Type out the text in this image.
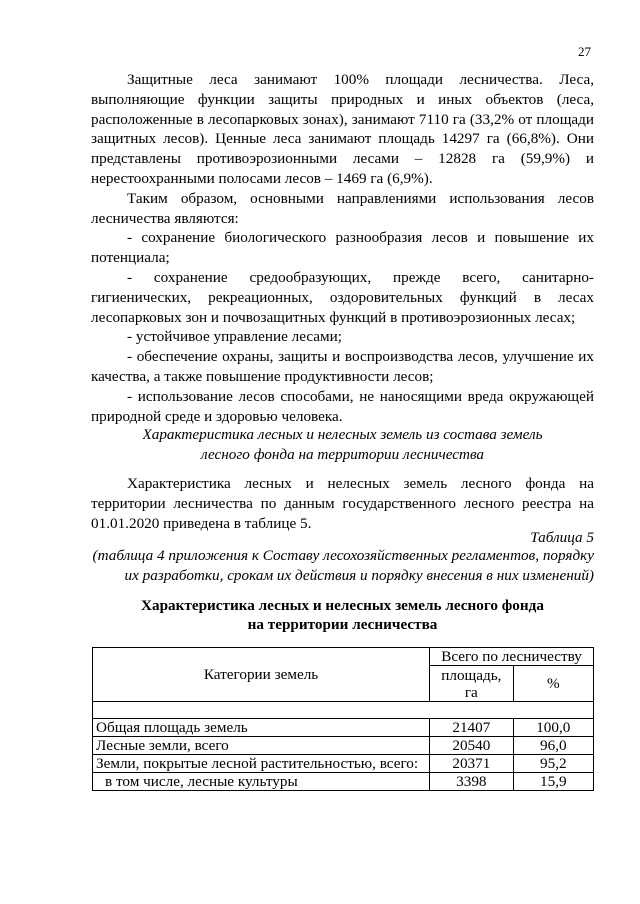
27

Защитные леса занимают 100% площади лесничества. Леса, выполняющие функции защиты природных и иных объектов (леса, расположенные в лесопарковых зонах), занимают 7110 га (33,2% от площади защитных лесов). Ценные леса занимают площадь 14297 га (66,8%). Они представлены противоэрозионными лесами – 12828 га (59,9%) и нерестоохранными полосами лесов – 1469 га (6,9%).

Таким образом, основными направлениями использования лесов лесничества являются:

- сохранение биологического разнообразия лесов и повышение их потенциала;

- сохранение средообразующих, прежде всего, санитарно-гигиенических, рекреационных, оздоровительных функций в лесах лесопарковых зон и почвозащитных функций в противоэрозионных лесах;

- устойчивое управление лесами;

- обеспечение охраны, защиты и воспроизводства лесов, улучшение их качества, а также повышение продуктивности лесов;

- использование лесов способами, не наносящими вреда окружающей природной среде и здоровью человека.

Характеристика лесных и нелесных земель из состава земель
лесного фонда на территории лесничества

Характеристика лесных и нелесных земель лесного фонда на территории лесничества по данным государственного лесного реестра на 01.01.2020 приведена в таблице 5.

Таблица 5
(таблица 4 приложения к Составу лесохозяйственных регламентов, порядку
их разработки, срокам их действия и порядку внесения в них изменений)
Характеристика лесных и нелесных земель лесного фонда
на территории лесничества
Категории земель	Всего по лесничеству	
	площадь, га	%

Общая площадь земель	21407	100,0
Лесные земли, всего	20540	96,0
Земли, покрытые лесной растительностью, всего:	20371	95,2
в том числе, лесные культуры	3398	15,9
